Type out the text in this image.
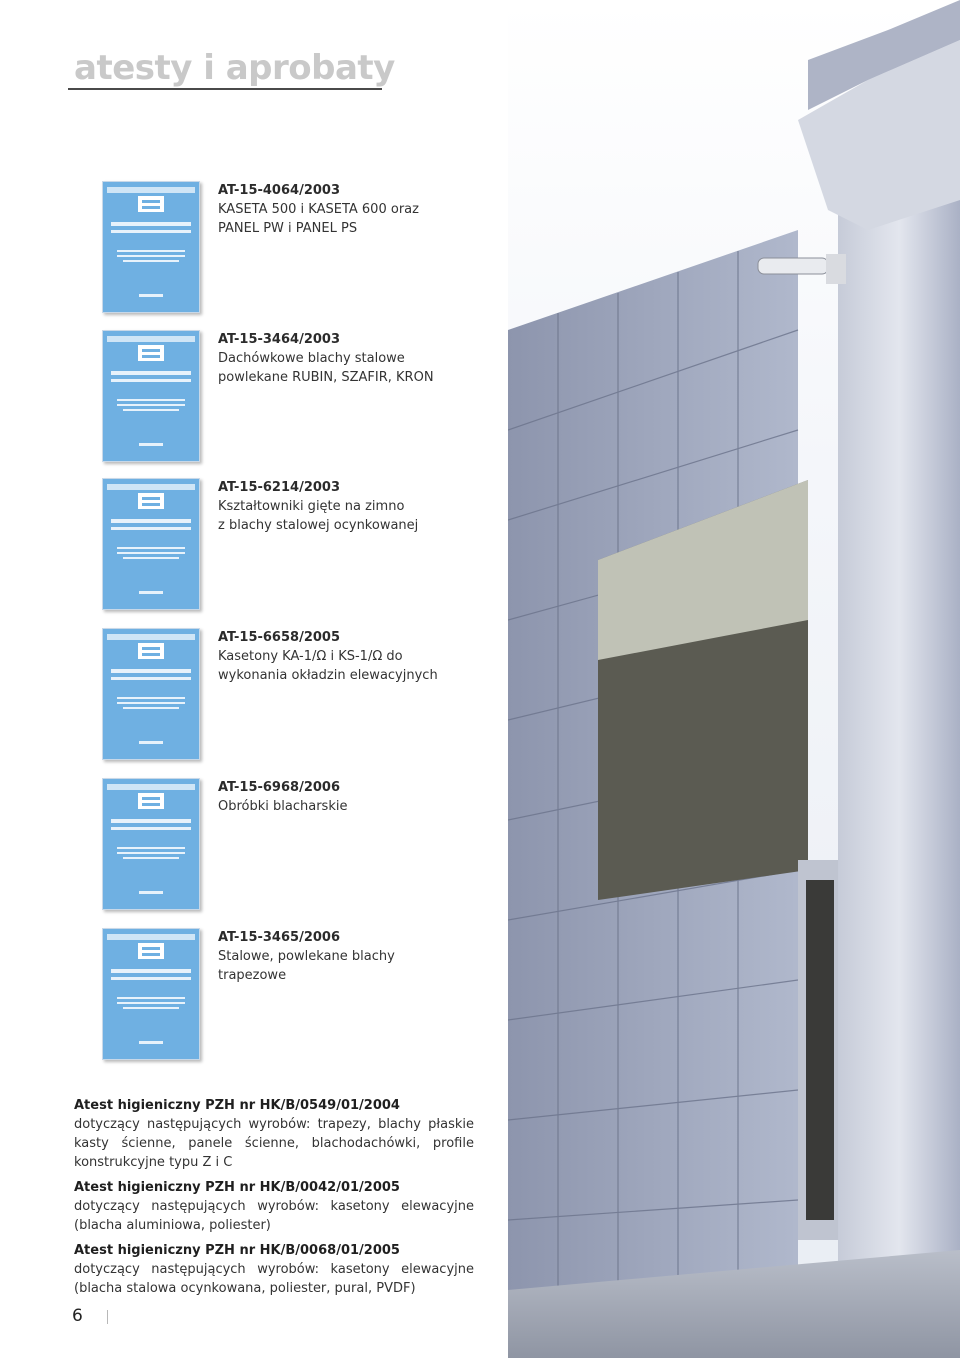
atesty i aprobaty
AT-15-4064/2003
KASETA 500 i KASETA 600 oraz
PANEL PW i PANEL PS
AT-15-3464/2003
Dachówkowe blachy stalowe
powlekane RUBIN, SZAFIR, KRON
AT-15-6214/2003
Kształtowniki gięte na zimno
z blachy stalowej ocynkowanej
AT-15-6658/2005
Kasetony KA-1/Ω i KS-1/Ω do
wykonania okładzin elewacyjnych
AT-15-6968/2006
Obróbki blacharskie
AT-15-3465/2006
Stalowe, powlekane blachy
trapezowe

Atest higieniczny PZH nr HK/B/0549/01/2004
dotyczący następujących wyrobów: trapezy, blachy płaskie kasty ścienne, panele ścienne, blachodachówki, profile konstrukcyjne typu Z i C

Atest higieniczny PZH nr HK/B/0042/01/2005
dotyczący następujących wyrobów: kasetony elewacyjne (blacha aluminiowa, poliester)

Atest higieniczny PZH nr HK/B/0068/01/2005
dotyczący następujących wyrobów: kasetony elewacyjne (blacha stalowa ocynkowana, poliester, pural, PVDF)

6
